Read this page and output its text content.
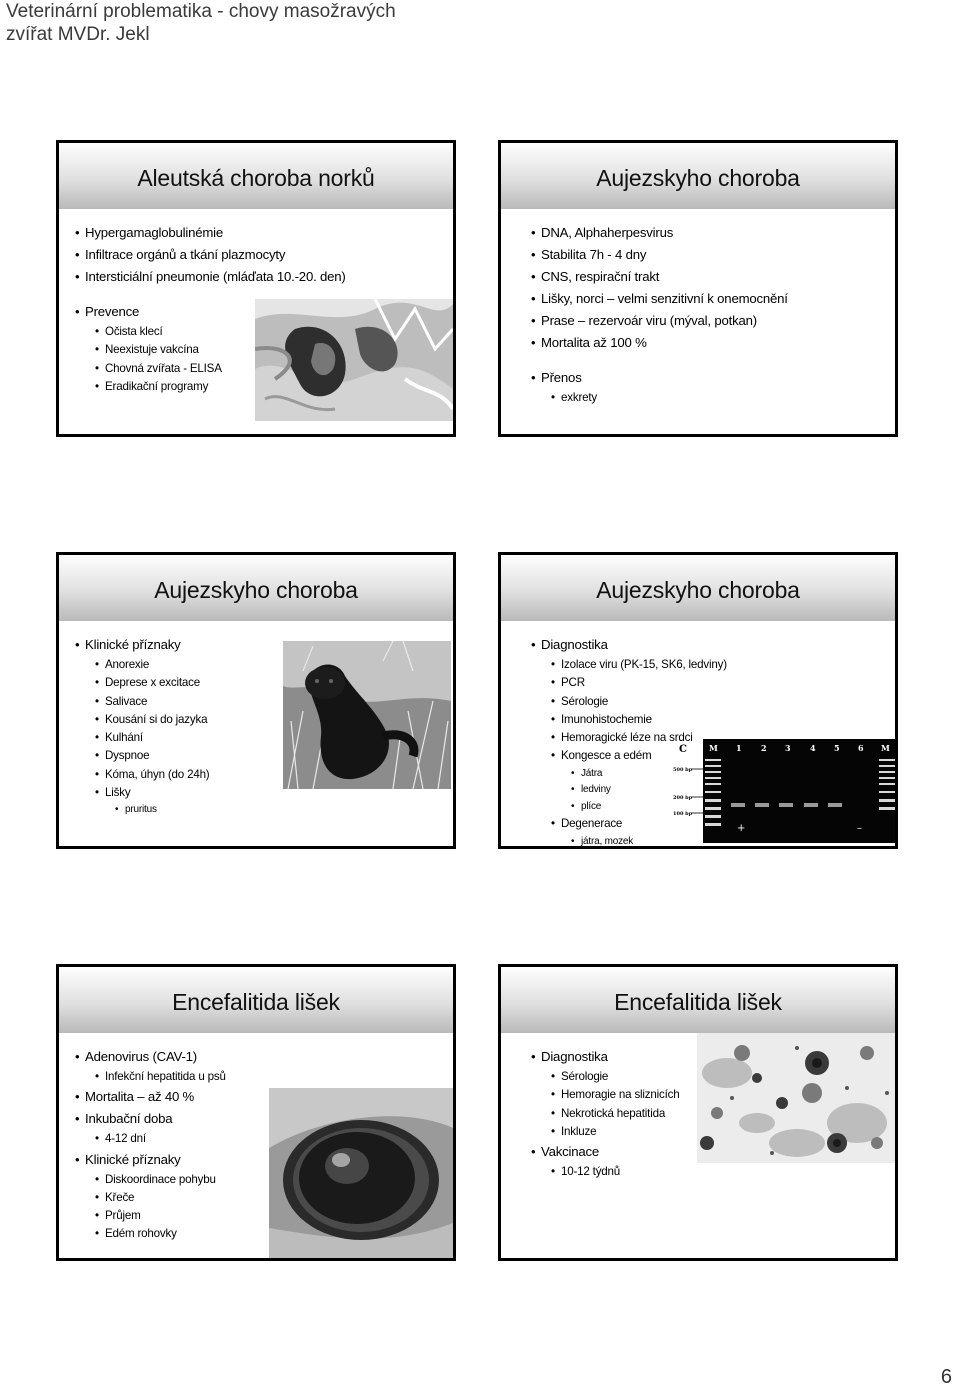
Veterinární problematika - chovy masožravých
zvířat MVDr. Jekl
Aleutská choroba norků
• Hypergamaglobulinémie
• Infiltrace orgánů a tkání plazmocyty
• Intersticiální pneumonie (mláďata 10.-20. den)
• Prevence
• Očista klecí
• Neexistuje vakcína
• Chovná zvířata - ELISA
• Eradikační programy
Aujezskyho choroba
• DNA, Alphaherpesvirus
• Stabilita 7h - 4 dny
• CNS, respirační trakt
• Lišky, norci – velmi senzitivní k onemocnění
• Prase – rezervoár viru (mýval, potkan)
• Mortalita až 100 %
• Přenos
• exkrety
Aujezskyho choroba
• Klinické příznaky
• Anorexie
• Deprese x excitace
• Salivace
• Kousání si do jazyka
• Kulhání
• Dyspnoe
• Kóma, úhyn (do 24h)
• Lišky
• pruritus
Aujezskyho choroba
C	M 1 2 3 4 5 6 M
500 bp
200 bp
100 bp
+	–
• Diagnostika
• Izolace viru (PK-15, SK6, ledviny)
• PCR
• Sérologie
• Imunohistochemie
• Hemoragické léze na srdci
• Kongesce a edém
• Játra
• ledviny
• plíce
• Degenerace
• játra, mozek
Encefalitida lišek
• Adenovirus (CAV-1)
• Infekční hepatitida u psů
• Mortalita – až 40 %
• Inkubační doba
• 4-12 dní
• Klinické příznaky
• Diskoordinace pohybu
• Křeče
• Průjem
• Edém rohovky
Encefalitida lišek
• Diagnostika
• Sérologie
• Hemoragie na sliznicích
• Nekrotická hepatitida
• Inkluze
• Vakcinace
• 10-12 týdnů
6
